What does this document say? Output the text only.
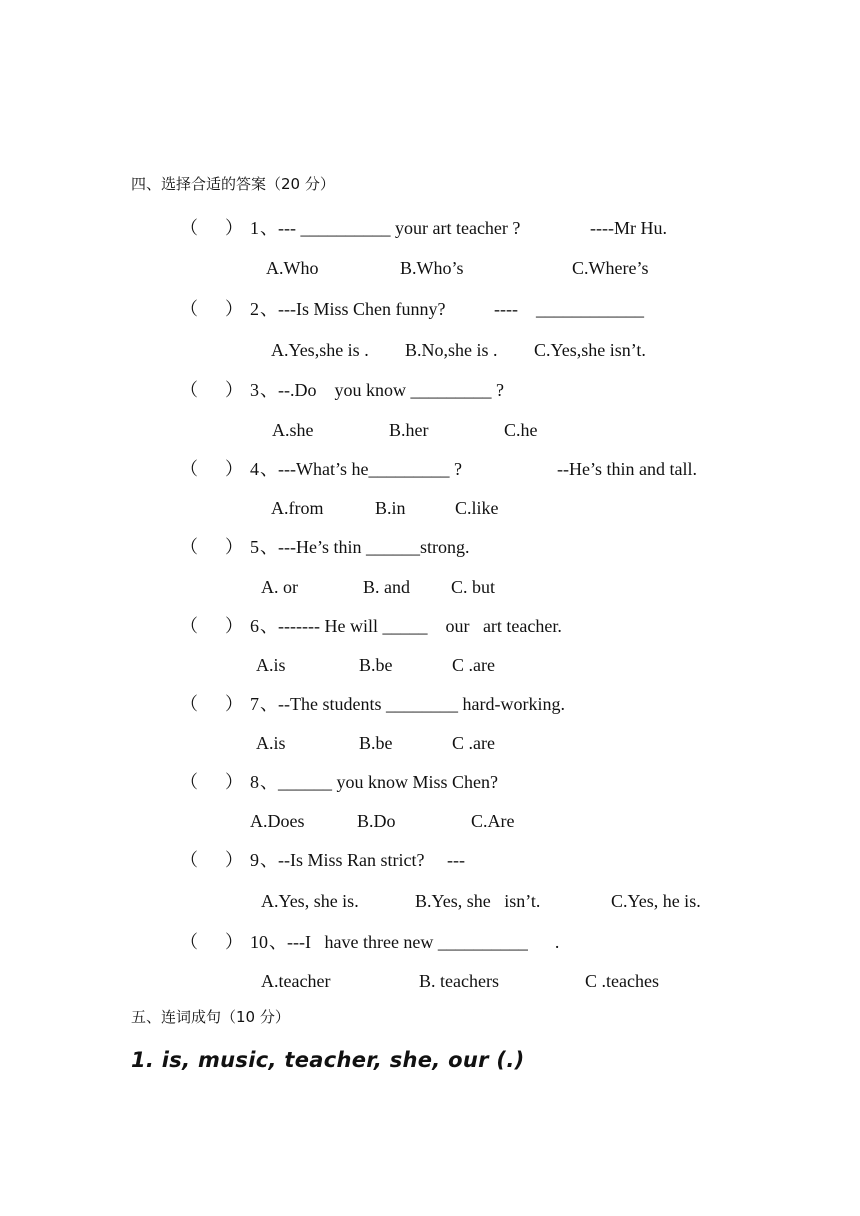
四、选择合适的答案（20 分）
（ ） 1 、--- __________ your art teacher ?	----Mr Hu.
A.Who	B.Who’s	C.Where’s
（ ） 2 、---Is Miss Chen funny?	----    ____________
A.Yes,she is . B.No,she is . C.Yes,she isn’t.
（ ） 3 、--.Do    you know _________ ?
A.she	B.her	C.he
（ ） 4 、---What’s he_________ ?	--He’s thin and tall.
A.from	B.in	C.like
（ ） 5 、---He’s thin ______strong.
A. or	B. and C. but
（ ） 6 、------- He will _____    our   art teacher.
A.is	B.be	C .are
（ ） 7 、--The students ________ hard-working.
A.is	B.be	C .are
（ ） 8 、______ you know Miss Chen?
A.Does	B.Do	C.Are
（ ） 9 、--Is Miss Ran strict?     ---
A.Yes, she is.	B.Yes, she   isn’t.	C.Yes, he is.
（ ） 10 、---I   have three new __________      .
A.teacher	B. teachers	C .teaches
五、连词成句（10 分）
1. is, music, teacher, she, our (.)
